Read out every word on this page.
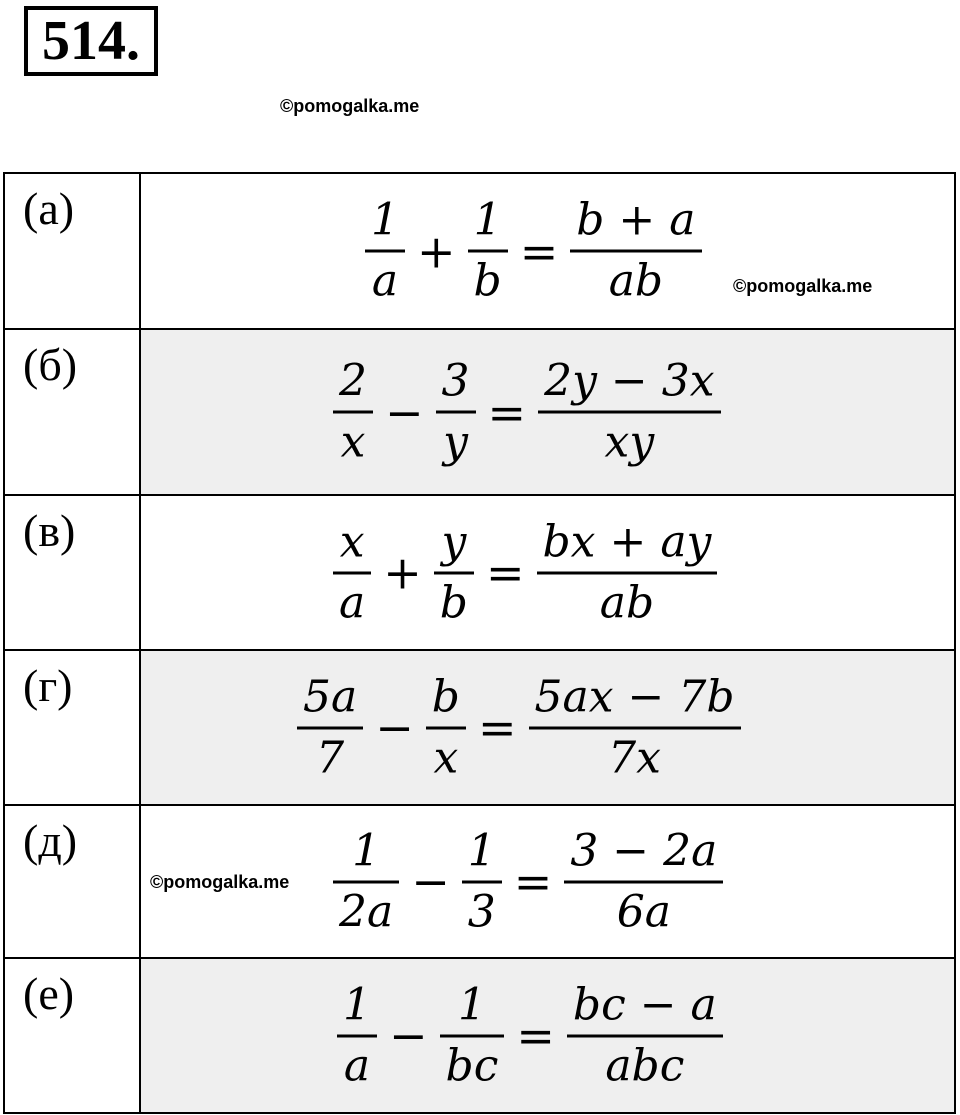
514.
©pomogalka.me
(а)	$\frac{1}{a} + \frac{1}{b} = \frac{b + a}{ab}$
(б)	$\frac{2}{x} - \frac{3}{y} = \frac{2y - 3x}{xy}$
(в)	$\frac{x}{a} + \frac{y}{b} = \frac{bx + ay}{ab}$
(г)	$\frac{5a}{7} - \frac{b}{x} = \frac{5ax - 7b}{7x}$
(д)	$\frac{1}{2a} - \frac{1}{3} = \frac{3 - 2a}{6a}$
(е)	$\frac{1}{a} - \frac{1}{bc} = \frac{bc - a}{\text{abc}}$
©pomogalka.me
©pomogalka.me
